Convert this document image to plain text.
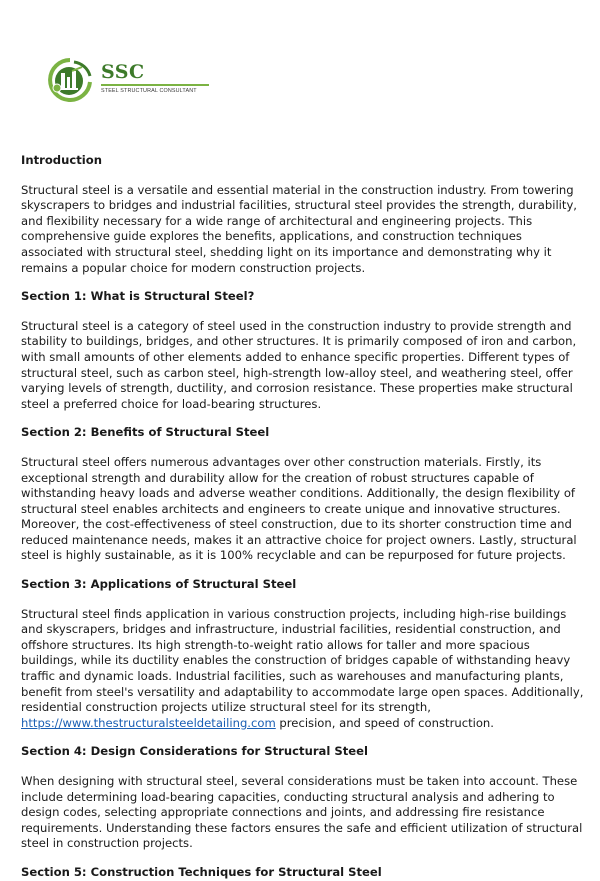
SSC
STEEL STRUCTURAL CONSULTANT
Introduction

Structural steel is a versatile and essential material in the construction industry. From towering skyscrapers to bridges and industrial facilities, structural steel provides the strength, durability, and flexibility necessary for a wide range of architectural and engineering projects. This comprehensive guide explores the benefits, applications, and construction techniques associated with structural steel, shedding light on its importance and demonstrating why it remains a popular choice for modern construction projects.

Section 1: What is Structural Steel?

Structural steel is a category of steel used in the construction industry to provide strength and stability to buildings, bridges, and other structures. It is primarily composed of iron and carbon, with small amounts of other elements added to enhance specific properties. Different types of structural steel, such as carbon steel, high-strength low-alloy steel, and weathering steel, offer varying levels of strength, ductility, and corrosion resistance. These properties make structural steel a preferred choice for load-bearing structures.

Section 2: Benefits of Structural Steel

Structural steel offers numerous advantages over other construction materials. Firstly, its exceptional strength and durability allow for the creation of robust structures capable of withstanding heavy loads and adverse weather conditions. Additionally, the design flexibility of structural steel enables architects and engineers to create unique and innovative structures. Moreover, the cost-effectiveness of steel construction, due to its shorter construction time and reduced maintenance needs, makes it an attractive choice for project owners. Lastly, structural steel is highly sustainable, as it is 100% recyclable and can be repurposed for future projects.

Section 3: Applications of Structural Steel

Structural steel finds application in various construction projects, including high-rise buildings and skyscrapers, bridges and infrastructure, industrial facilities, residential construction, and offshore structures. Its high strength-to-weight ratio allows for taller and more spacious buildings, while its ductility enables the construction of bridges capable of withstanding heavy traffic and dynamic loads. Industrial facilities, such as warehouses and manufacturing plants, benefit from steel's versatility and adaptability to accommodate large open spaces. Additionally, residential construction projects utilize structural steel for its strength, https://www.thestructuralsteeldetailing.com precision, and speed of construction.

Section 4: Design Considerations for Structural Steel

When designing with structural steel, several considerations must be taken into account. These include determining load-bearing capacities, conducting structural analysis and adhering to design codes, selecting appropriate connections and joints, and addressing fire resistance requirements. Understanding these factors ensures the safe and efficient utilization of structural steel in construction projects.

Section 5: Construction Techniques for Structural Steel
